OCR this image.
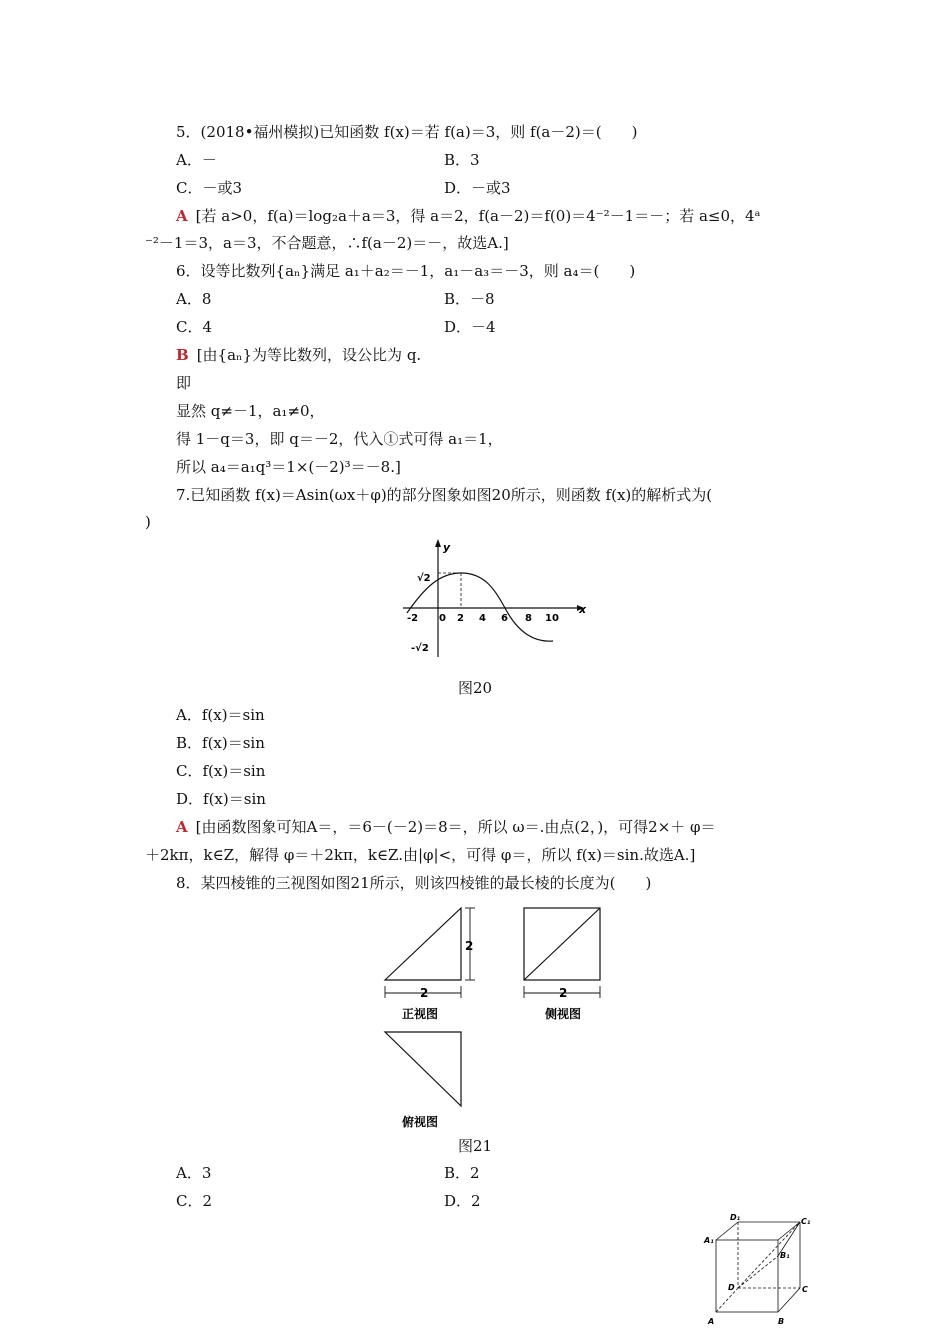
5．(2018•福州模拟)已知函数 f(x)＝若 f(a)＝3，则 f(a－2)＝(　　)
A．－	B．3
C．－或3	D．－或3
A [若 a>0，f(a)＝log₂a＋a＝3，得 a＝2，f(a－2)＝f(0)＝4⁻²－1＝－；若 a≤0，4ᵃ
⁻²－1＝3，a＝3，不合题意，∴f(a－2)＝－，故选A.]
6．设等比数列{aₙ}满足 a₁＋a₂＝－1，a₁－a₃＝－3，则 a₄＝(　　)
A．8	B．－8
C．4	D．－4
B [由{aₙ}为等比数列，设公比为 q.
即
显然 q≠－1，a₁≠0，
得 1－q＝3，即 q＝－2，代入①式可得 a₁＝1，
所以 a₄＝a₁q³＝1×(－2)³＝－8.]
7.已知函数 f(x)＝Asin(ωx＋φ)的部分图象如图20所示，则函数 f(x)的解析式为(
)
y
x
√2
-√2
-2 0 2 4 6 8 10
图20
A．f(x)＝sin
B．f(x)＝sin
C．f(x)＝sin
D．f(x)＝sin
A [由函数图象可知A＝，＝6－(－2)＝8＝，所以 ω＝.由点(2，)，可得2×＋ φ＝
＋2kπ，k∈Z，解得 φ＝＋2kπ，k∈Z.由|φ|<，可得 φ＝，所以 f(x)＝sin.故选A.]
8．某四棱锥的三视图如图21所示，则该四棱锥的最长棱的长度为(　　)
2
2
正视图
2
侧视图
俯视图
图21
A．3	B．2
C．2	D．2
D₁	C₁
A₁
B₁
D	C
A	B
